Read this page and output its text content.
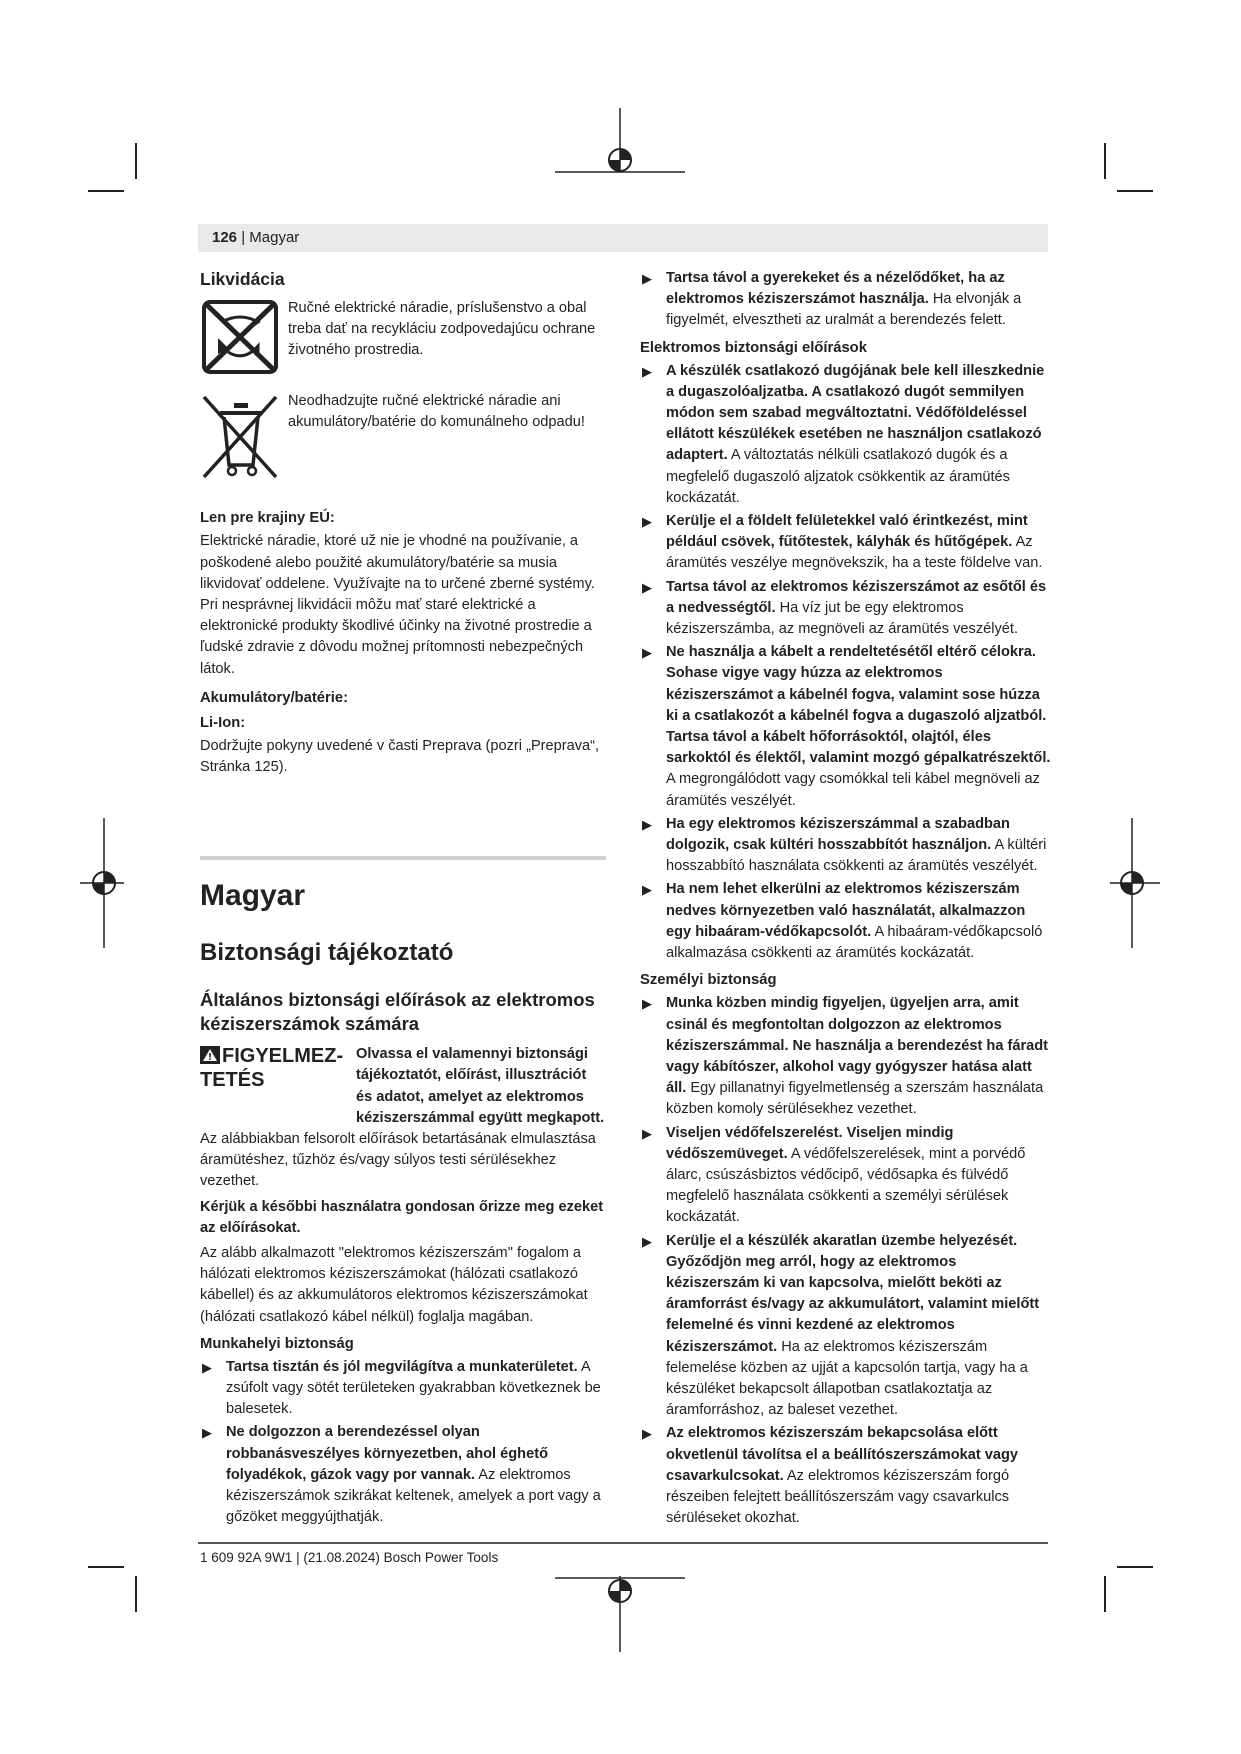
126 | Magyar
Likvidácia

Ručné elektrické náradie, príslušenstvo a obal treba dať na recykláciu zodpovedajúcu ochrane životného prostredia.

Neodhadzujte ručné elektrické náradie ani akumulátory/batérie do komunálneho odpadu!

Len pre krajiny EÚ:

Elektrické náradie, ktoré už nie je vhodné na používanie, a poškodené alebo použité akumulátory/batérie sa musia likvidovať oddelene. Využívajte na to určené zberné systémy. Pri nesprávnej likvidácii môžu mať staré elektrické a elektronické produkty škodlivé účinky na životné prostredie a ľudské zdravie z dôvodu možnej prítomnosti nebezpečných látok.

Akumulátory/batérie:
Li-Ion:

Dodržujte pokyny uvedené v časti Preprava (pozri „Preprava“, Stránka 125).

Magyar
Biztonsági tájékoztató
Általános biztonsági előírások az elektromos kéziszerszámok számára
FIGYELMEZ-TETÉS
Olvassa el valamennyi biztonsági tájékoztatót, előírást, illusztrációt és adatot, amelyet az elektromos kéziszerszámmal együtt megkapott.

Az alábbiakban felsorolt előírások betartásának elmulasztása áramütéshez, tűzhöz és/vagy súlyos testi sérülésekhez vezethet.

Kérjük a későbbi használatra gondosan őrizze meg ezeket az előírásokat.

Az alább alkalmazott "elektromos kéziszerszám" fogalom a hálózati elektromos kéziszerszámokat (hálózati csatlakozó kábellel) és az akkumulátoros elektromos kéziszerszámokat (hálózati csatlakozó kábel nélkül) foglalja magában.

Munkahelyi biztonság
▶ Tartsa tisztán és jól megvilágítva a munkaterületet. A zsúfolt vagy sötét területeken gyakrabban következnek be balesetek.
▶ Ne dolgozzon a berendezéssel olyan robbanásveszélyes környezetben, ahol éghető folyadékok, gázok vagy por vannak. Az elektromos kéziszerszámok szikrákat keltenek, amelyek a port vagy a gőzöket meggyújthatják.
▶ Tartsa távol a gyerekeket és a nézelődőket, ha az elektromos kéziszerszámot használja. Ha elvonják a figyelmét, elvesztheti az uralmát a berendezés felett.
Elektromos biztonsági előírások
▶ A készülék csatlakozó dugójának bele kell illeszkednie a dugaszolóaljzatba. A csatlakozó dugót semmilyen módon sem szabad megváltoztatni. Védőföldeléssel ellátott készülékek esetében ne használjon csatlakozó adaptert. A változtatás nélküli csatlakozó dugók és a megfelelő dugaszoló aljzatok csökkentik az áramütés kockázatát.
▶ Kerülje el a földelt felületekkel való érintkezést, mint például csövek, fűtőtestek, kályhák és hűtőgépek. Az áramütés veszélye megnövekszik, ha a teste földelve van.
▶ Tartsa távol az elektromos kéziszerszámot az esőtől és a nedvességtől. Ha víz jut be egy elektromos kéziszerszámba, az megnöveli az áramütés veszélyét.
▶ Ne használja a kábelt a rendeltetésétől eltérő célokra. Sohase vigye vagy húzza az elektromos kéziszerszámot a kábelnél fogva, valamint sose húzza ki a csatlakozót a kábelnél fogva a dugaszoló aljzatból. Tartsa távol a kábelt hőforrásoktól, olajtól, éles sarkoktól és élektől, valamint mozgó gépalkatrészektől. A megrongálódott vagy csomókkal teli kábel megnöveli az áramütés veszélyét.
▶ Ha egy elektromos kéziszerszámmal a szabadban dolgozik, csak kültéri hosszabbítót használjon. A kültéri hosszabbító használata csökkenti az áramütés veszélyét.
▶ Ha nem lehet elkerülni az elektromos kéziszerszám nedves környezetben való használatát, alkalmazzon egy hibaáram-védőkapcsolót. A hibaáram-védőkapcsoló alkalmazása csökkenti az áramütés kockázatát.
Személyi biztonság
▶ Munka közben mindig figyeljen, ügyeljen arra, amit csinál és megfontoltan dolgozzon az elektromos kéziszerszámmal. Ne használja a berendezést ha fáradt vagy kábítószer, alkohol vagy gyógyszer hatása alatt áll. Egy pillanatnyi figyelmetlenség a szerszám használata közben komoly sérülésekhez vezethet.
▶ Viseljen védőfelszerelést. Viseljen mindig védőszemüveget. A védőfelszerelések, mint a porvédő álarc, csúszásbiztos védőcipő, védősapka és fülvédő megfelelő használata csökkenti a személyi sérülések kockázatát.
▶ Kerülje el a készülék akaratlan üzembe helyezését. Győződjön meg arról, hogy az elektromos kéziszerszám ki van kapcsolva, mielőtt beköti az áramforrást és/vagy az akkumulátort, valamint mielőtt felemelné és vinni kezdené az elektromos kéziszerszámot. Ha az elektromos kéziszerszám felemelése közben az ujját a kapcsolón tartja, vagy ha a készüléket bekapcsolt állapotban csatlakoztatja az áramforráshoz, az baleset vezethet.
▶ Az elektromos kéziszerszám bekapcsolása előtt okvetlenül távolítsa el a beállítószerszámokat vagy csavarkulcsokat. Az elektromos kéziszerszám forgó részeiben felejtett beállítószerszám vagy csavarkulcs sérüléseket okozhat.
1 609 92A 9W1 | (21.08.2024) Bosch Power Tools
